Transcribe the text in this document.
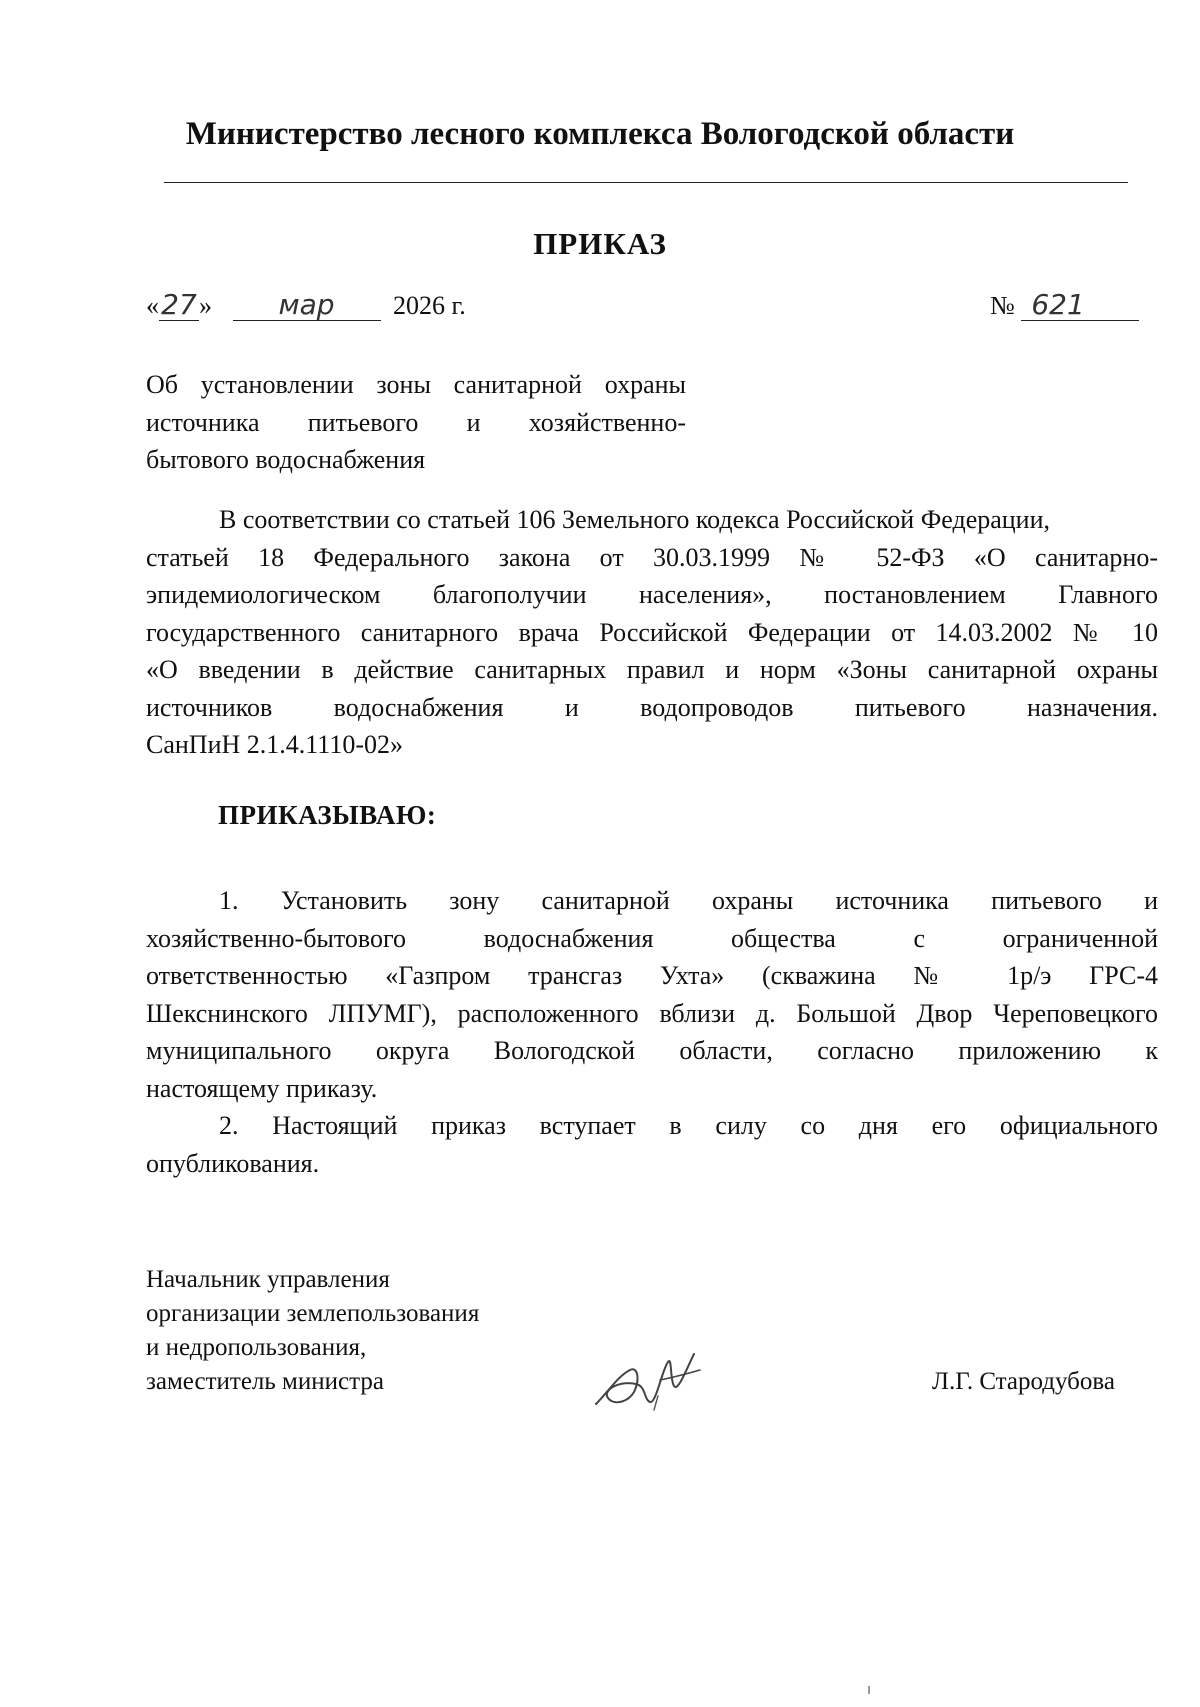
Министерство лесного комплекса Вологодской области
ПРИКАЗ
«27» мар 2026 г.	№ 621
Об установлении зоны санитарной охраны
источника питьевого и хозяйственно-
бытового водоснабжения
В соответствии со статьей 106 Земельного кодекса Российской Федерации,
статьей 18 Федерального закона от 30.03.1999 № 52-ФЗ «О санитарно-
эпидемиологическом благополучии населения», постановлением Главного
государственного санитарного врача Российской Федерации от 14.03.2002 № 10
«О введении в действие санитарных правил и норм «Зоны санитарной охраны
источников водоснабжения и водопроводов питьевого назначения.
СанПиН 2.1.4.1110-02»
ПРИКАЗЫВАЮ:
1. Установить зону санитарной охраны источника питьевого и
хозяйственно-бытового водоснабжения общества с ограниченной
ответственностью «Газпром трансгаз Ухта» (скважина № 1р/э ГРС-4
Шекснинского ЛПУМГ), расположенного вблизи д. Большой Двор Череповецкого
муниципального округа Вологодской области, согласно приложению к
настоящему приказу.
2. Настоящий приказ вступает в силу со дня его официального
опубликования.
Начальник управления
организации землепользования
и недропользования,
заместитель министра	Л.Г. Стародубова
